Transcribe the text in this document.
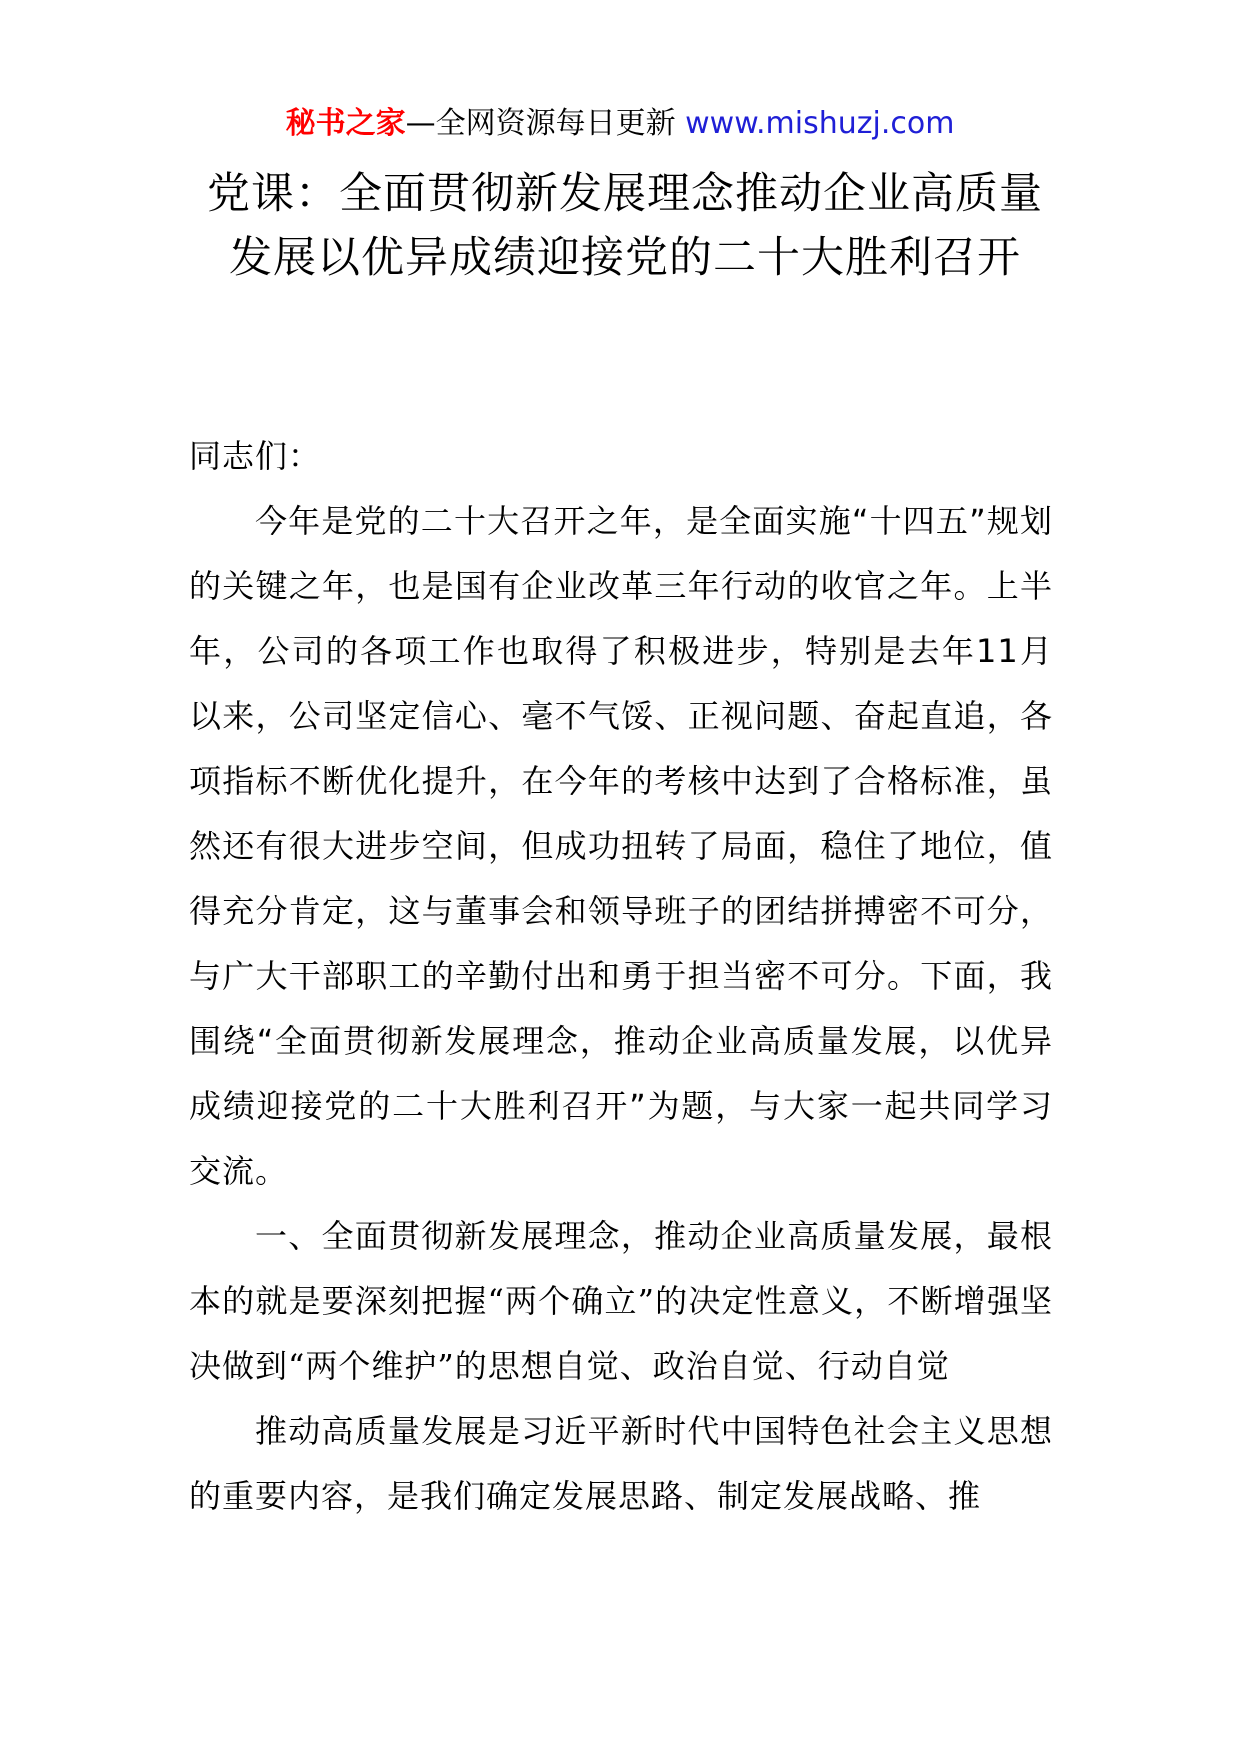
秘书之家—全网资源每日更新 www.mishuzj.com
党课：全面贯彻新发展理念推动企业高质量发展以优异成绩迎接党的二十大胜利召开

同志们：

今年是党的二十大召开之年，是全面实施“十四五”规划的关键之年，也是国有企业改革三年行动的收官之年。上半年，公司的各项工作也取得了积极进步，特别是去年11月以来，公司坚定信心、毫不气馁、正视问题、奋起直追，各项指标不断优化提升，在今年的考核中达到了合格标准，虽然还有很大进步空间，但成功扭转了局面，稳住了地位，值得充分肯定，这与董事会和领导班子的团结拼搏密不可分，与广大干部职工的辛勤付出和勇于担当密不可分。下面，我围绕“全面贯彻新发展理念，推动企业高质量发展，以优异成绩迎接党的二十大胜利召开”为题，与大家一起共同学习交流。

一、全面贯彻新发展理念，推动企业高质量发展，最根本的就是要深刻把握“两个确立”的决定性意义，不断增强坚决做到“两个维护”的思想自觉、政治自觉、行动自觉

推动高质量发展是习近平新时代中国特色社会主义思想的重要内容，是我们确定发展思路、制定发展战略、推
